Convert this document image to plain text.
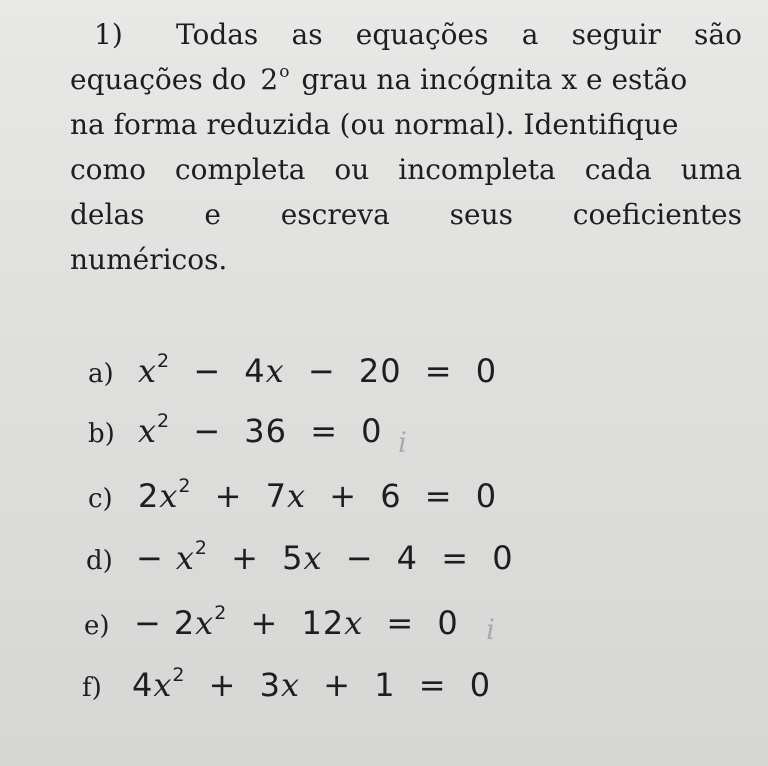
1) Todas as equações a seguir são
equações do 2$^o$ grau na incógnita x e estão
na forma reduzida (ou normal). Identifique
como completa ou incompleta cada uma
delas e escreva seus coeficientes
numéricos.
a) $x^2 - 4x - 20 = 0$
b) $x^2 - 36 = 0$
c) $2x^2 + 7x + 6 = 0$
$d) - x^2 + 5x - 4 = 0$
$e) - 2x^2 + 12x = 0$
f) $4x^2 + 3x + 1 = 0$
i
i
